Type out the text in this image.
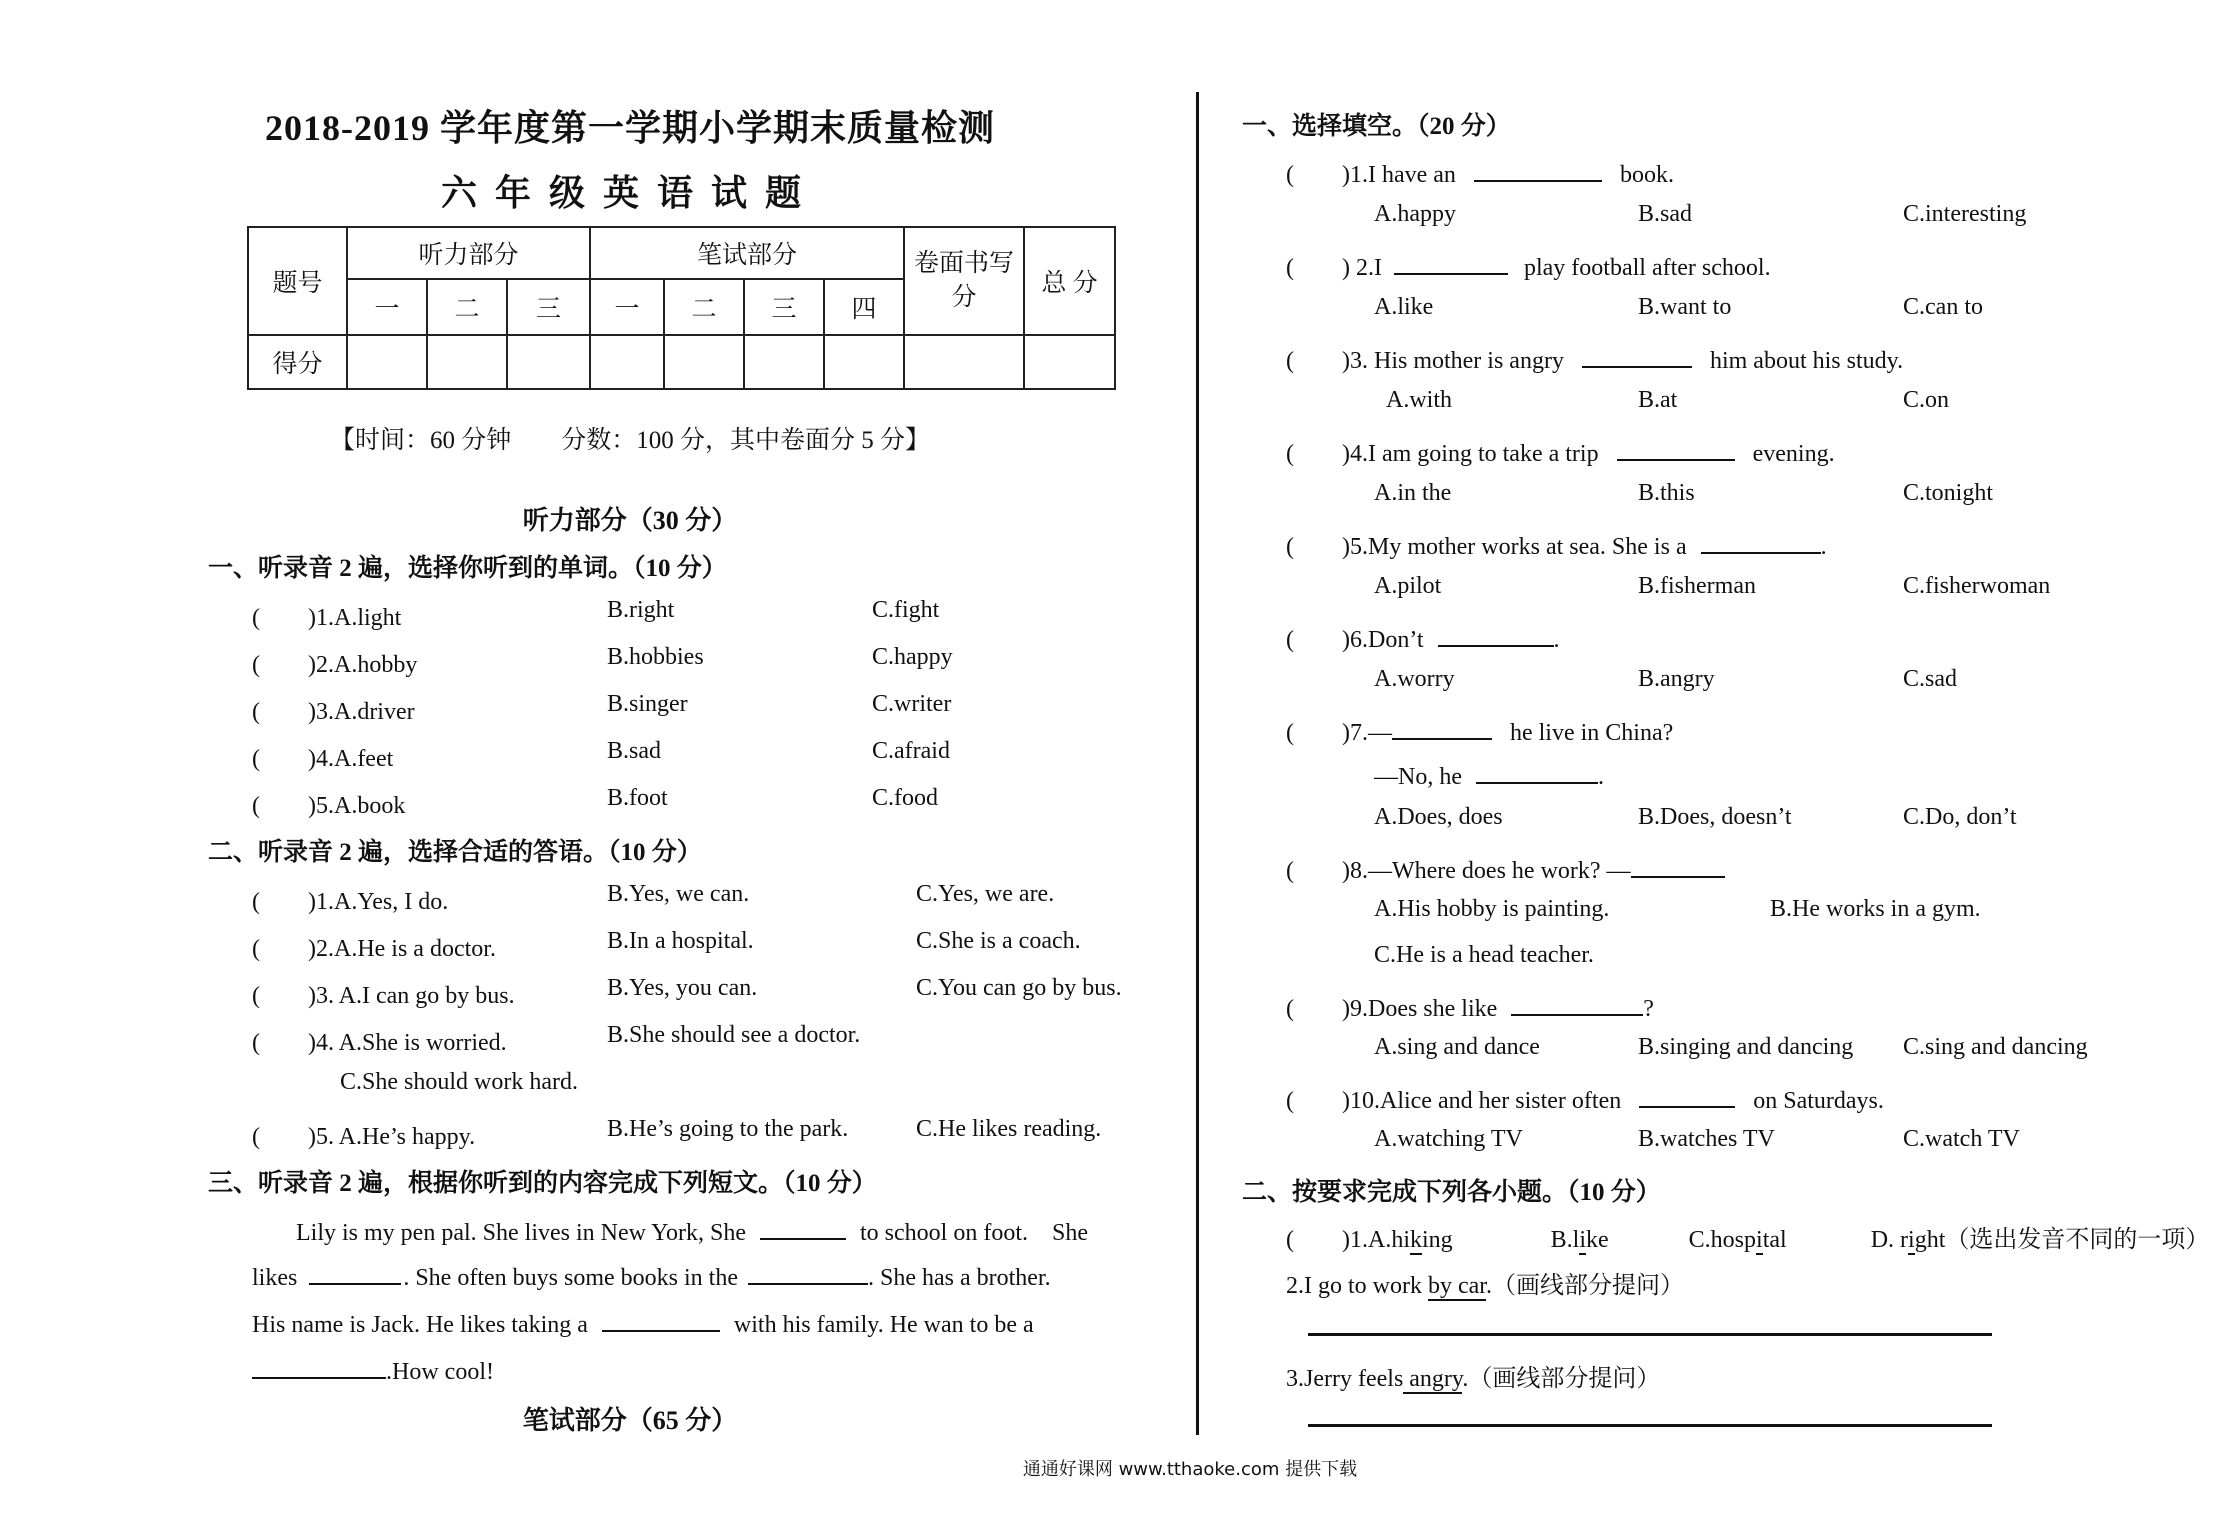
2018-2019 学年度第一学期小学期末质量检测
六年级英语试题
题号	听力部分			笔试部分				卷面书写分	总 分
	一	二	三	一	二	三	四		
得分									
【时间：60 分钟　　分数：100 分，其中卷面分 5 分】
听力部分（30 分）
一、听录音 2 遍，选择你听到的单词。（10 分）
(　　)1.A.light	B.right	C.fight
(　　)2.A.hobby	B.hobbies	C.happy
(　　)3.A.driver	B.singer	C.writer
(　　)4.A.feet	B.sad	C.afraid
(　　)5.A.book	B.foot	C.food
二、听录音 2 遍，选择合适的答语。（10 分）
(　　)1.A.Yes, I do.	B.Yes, we can.	C.Yes, we are.
(　　)2.A.He is a doctor.	B.In a hospital.	C.She is a coach.
(　　)3. A.I can go by bus.	B.Yes, you can.	C.You can go by bus.
(　　)4. A.She is worried.	B.She should see a doctor.
C.She should work hard.
(　　)5. A.He’s happy.	B.He’s going to the park.	C.He likes reading.
三、听录音 2 遍，根据你听到的内容完成下列短文。（10 分）
Lily is my pen pal. She lives in New York, She	to school on foot.　She
likes	. She often buys some books in the	. She has a brother.
His name is Jack. He likes taking a	with his family. He wan to be a
.How cool!
笔试部分（65 分）
一、选择填空。（20 分）
(　　)1.I have an	book.
A.happy	B.sad	C.interesting
(　　) 2.I	play football after school.
A.like	B.want to	C.can to
(　　)3. His mother is angry	him about his study.
A.with	B.at	C.on
(　　)4.I am going to take a trip	evening.
A.in the	B.this	C.tonight
(　　)5.My mother works at sea. She is a	.
A.pilot	B.fisherman	C.fisherwoman
(　　)6.Don’t	.
A.worry	B.angry	C.sad
(　　)7.—	he live in China?
—No, he	.
A.Does, does	B.Does, doesn’t	C.Do, don’t
(　　)8.—Where does he work? —
A.His hobby is painting.	B.He works in a gym.
C.He is a head teacher.
(　　)9.Does she like	?
A.sing and dance	B.singing and dancing C.sing and dancing
(　　)10.Alice and her sister often	on Saturdays.
A.watching TV	B.watches TV	C.watch TV
二、按要求完成下列各小题。（10 分）
(　　)1.A.hiking	B.like	C.hospital	D. right（选出发音不同的一项）
2.I go to work by car.（画线部分提问）
3.Jerry feels angry.（画线部分提问）
通通好课网 www.tthaoke.com 提供下载
